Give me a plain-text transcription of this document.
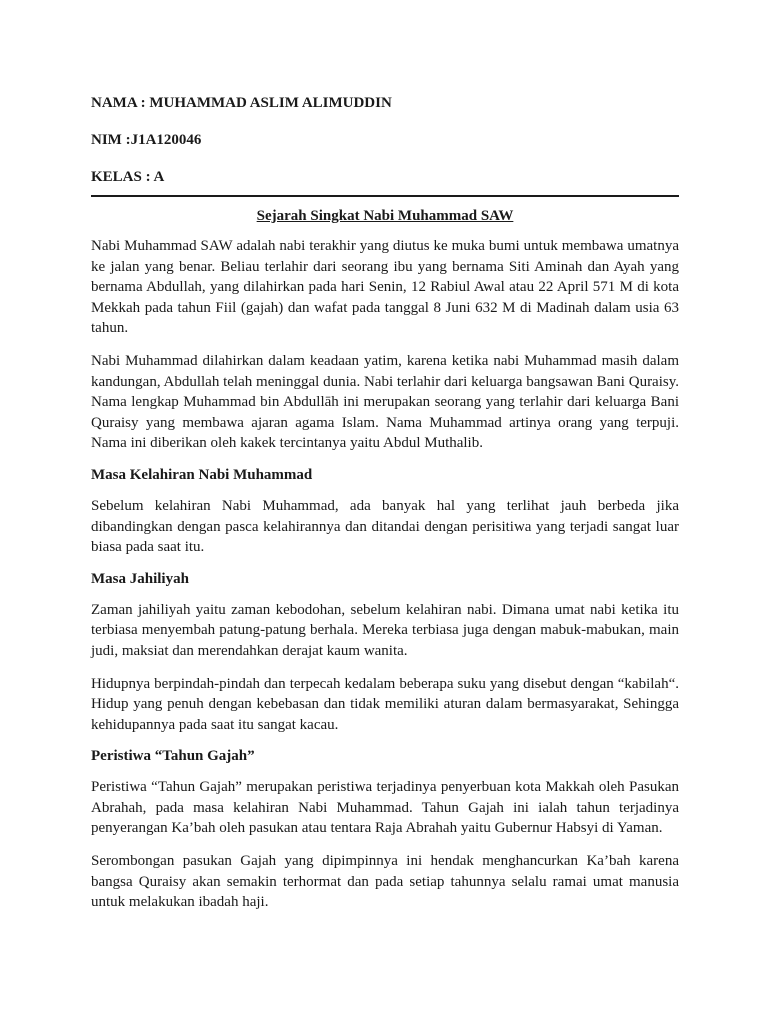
NAMA : MUHAMMAD ASLIM ALIMUDDIN

NIM :J1A120046

KELAS : A

Sejarah Singkat Nabi Muhammad SAW

Nabi Muhammad SAW adalah nabi terakhir yang diutus ke muka bumi untuk membawa umatnya ke jalan yang benar. Beliau terlahir dari seorang ibu yang bernama Siti Aminah dan Ayah yang bernama Abdullah, yang dilahirkan pada hari Senin, 12 Rabiul Awal atau 22 April 571 M di kota Mekkah pada tahun Fiil (gajah) dan wafat pada tanggal 8 Juni 632 M di Madinah dalam usia 63 tahun.

Nabi Muhammad dilahirkan dalam keadaan yatim, karena ketika nabi Muhammad masih dalam kandungan, Abdullah telah meninggal dunia. Nabi terlahir dari keluarga bangsawan Bani Quraisy. Nama lengkap Muhammad bin Abdullāh ini merupakan seorang yang terlahir dari keluarga Bani Quraisy yang membawa ajaran agama Islam. Nama Muhammad artinya orang yang terpuji. Nama ini diberikan oleh kakek tercintanya yaitu Abdul Muthalib.

Masa Kelahiran Nabi Muhammad

Sebelum kelahiran Nabi Muhammad, ada banyak hal yang terlihat jauh berbeda jika dibandingkan dengan pasca kelahirannya dan ditandai dengan perisitiwa yang terjadi sangat luar biasa pada saat itu.

Masa Jahiliyah

Zaman jahiliyah yaitu zaman kebodohan, sebelum kelahiran nabi. Dimana umat nabi ketika itu terbiasa menyembah patung-patung berhala. Mereka terbiasa juga dengan mabuk-mabukan, main judi, maksiat dan merendahkan derajat kaum wanita.

Hidupnya berpindah-pindah dan terpecah kedalam beberapa suku yang disebut dengan “kabilah“. Hidup yang penuh dengan kebebasan dan tidak memiliki aturan dalam bermasyarakat, Sehingga kehidupannya pada saat itu sangat kacau.

Peristiwa “Tahun Gajah”

Peristiwa “Tahun Gajah” merupakan peristiwa terjadinya penyerbuan kota Makkah oleh Pasukan Abrahah, pada masa kelahiran Nabi Muhammad. Tahun Gajah ini ialah tahun terjadinya penyerangan Ka’bah oleh pasukan atau tentara Raja Abrahah yaitu Gubernur Habsyi di Yaman.

Serombongan pasukan Gajah yang dipimpinnya ini hendak menghancurkan Ka’bah karena bangsa Quraisy akan semakin terhormat dan pada setiap tahunnya selalu ramai umat manusia untuk melakukan ibadah haji.
